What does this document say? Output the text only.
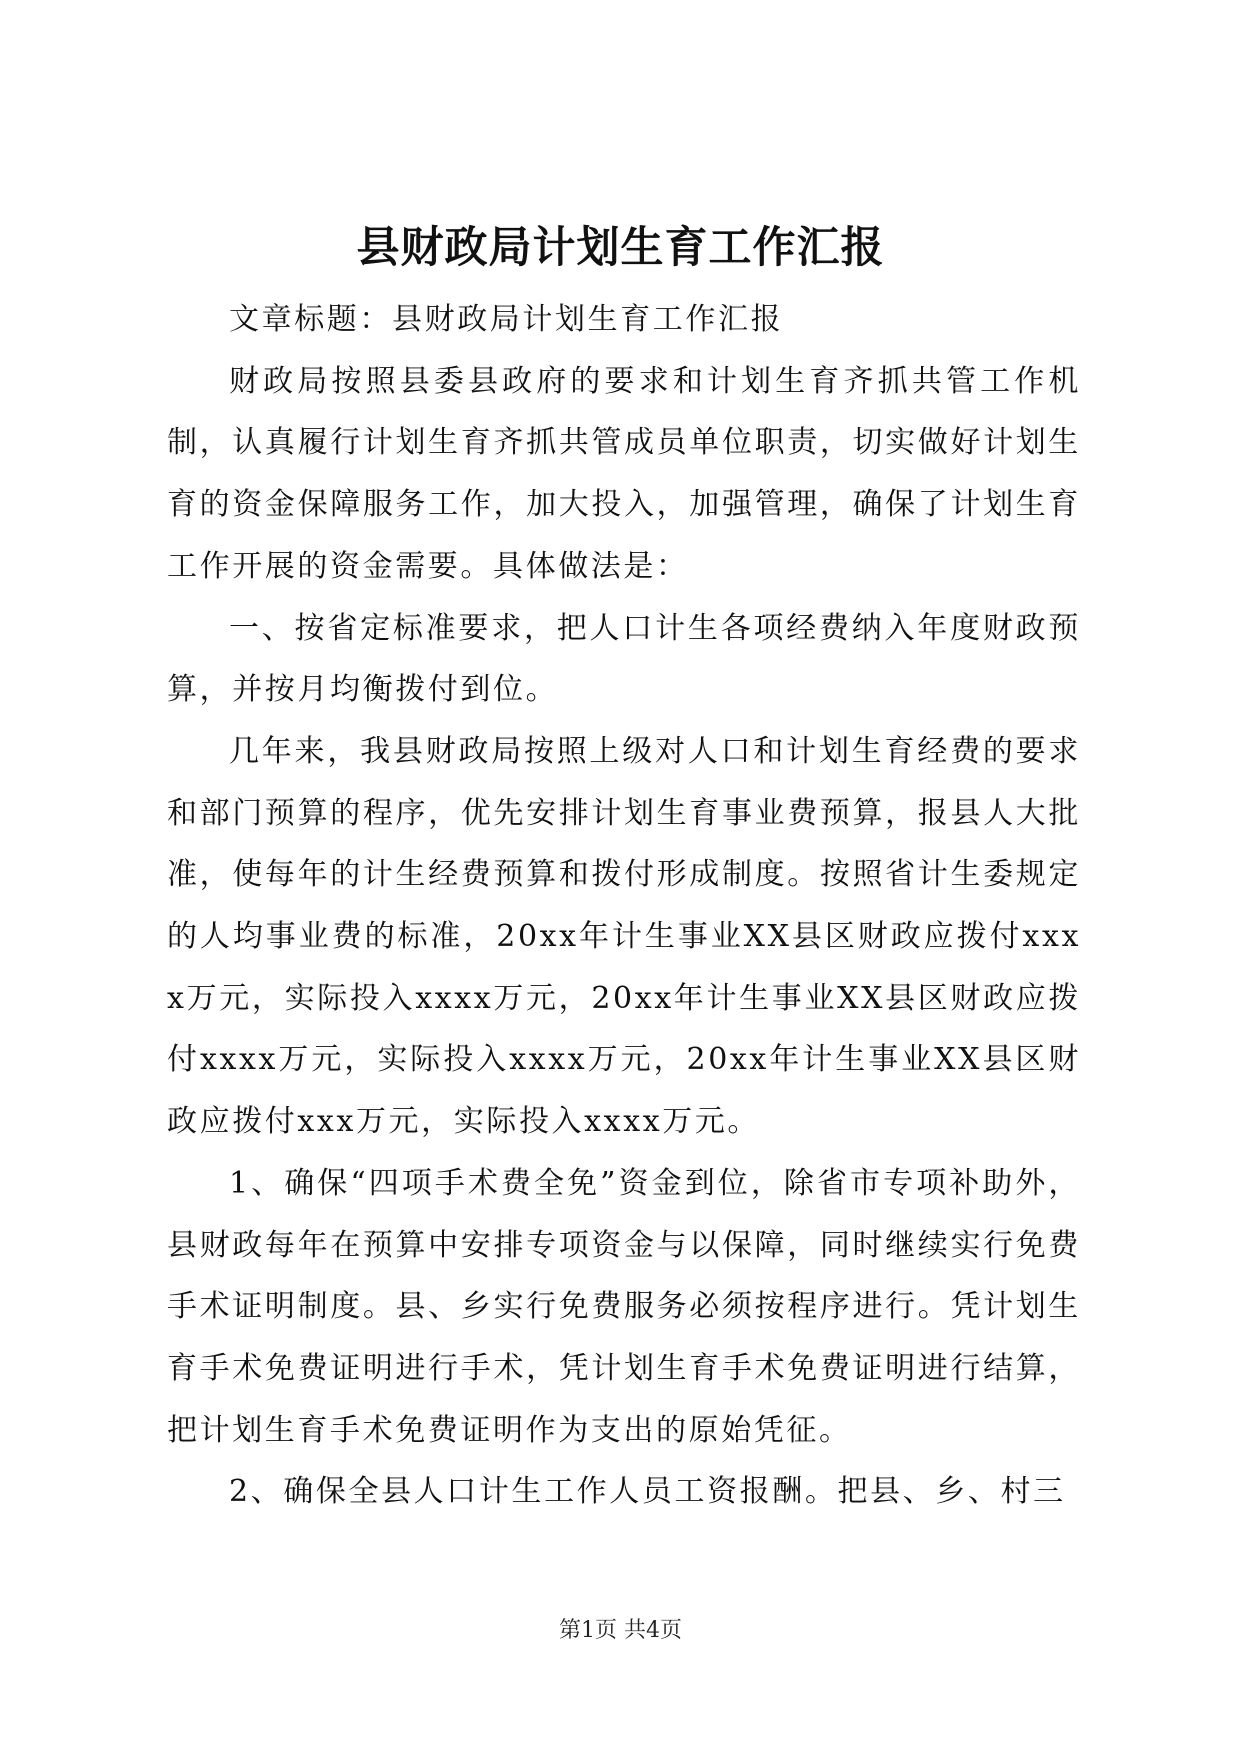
县财政局计划生育工作汇报

文章标题：县财政局计划生育工作汇报

财政局按照县委县政府的要求和计划生育齐抓共管工作机制，认真履行计划生育齐抓共管成员单位职责，切实做好计划生育的资金保障服务工作，加大投入，加强管理，确保了计划生育工作开展的资金需要。具体做法是：

一、按省定标准要求，把人口计生各项经费纳入年度财政预算，并按月均衡拨付到位。

几年来，我县财政局按照上级对人口和计划生育经费的要求和部门预算的程序，优先安排计划生育事业费预算，报县人大批准，使每年的计生经费预算和拨付形成制度。按照省计生委规定的人均事业费的标准，20xx年计生事业XX县区财政应拨付xxxx万元，实际投入xxxx万元，20xx年计生事业XX县区财政应拨付xxxx万元，实际投入xxxx万元，20xx年计生事业XX县区财政应拨付xxx万元，实际投入xxxx万元。

1、确保“四项手术费全免”资金到位，除省市专项补助外，县财政每年在预算中安排专项资金与以保障，同时继续实行免费手术证明制度。县、乡实行免费服务必须按程序进行。凭计划生育手术免费证明进行手术，凭计划生育手术免费证明进行结算，把计划生育手术免费证明作为支出的原始凭征。

2、确保全县人口计生工作人员工资报酬。把县、乡、村三

第1页 共4页
